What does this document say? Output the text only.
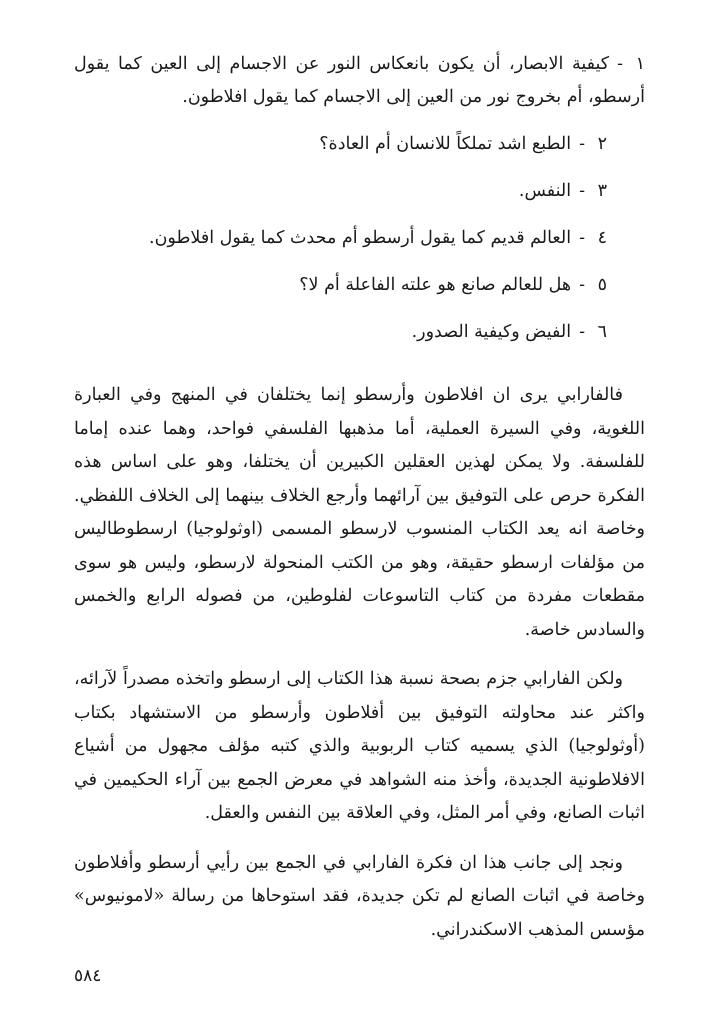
١-كيفية الابصار، أن يكون بانعكاس النور عن الاجسام إلى العين كما يقول أرسطو، أم بخروج نور من العين إلى الاجسام كما يقول افلاطون.

٢-الطبع اشد تملكاً للانسان أم العادة؟

٣-النفس.

٤-العالم قديم كما يقول أرسطو أم محدث كما يقول افلاطون.

٥-هل للعالم صانع هو علته الفاعلة أم لا؟

٦-الفيض وكيفية الصدور.

فالفارابي يرى ان افلاطون وأرسطو إنما يختلفان في المنهج وفي العبارة اللغوية، وفي السيرة العملية، أما مذهبها الفلسفي فواحد، وهما عنده إماما للفلسفة. ولا يمكن لهذين العقلين الكبيرين أن يختلفا، وهو على اساس هذه الفكرة حرص على التوفيق بين آرائهما وأرجع الخلاف بينهما إلى الخلاف اللفظي. وخاصة انه يعد الكتاب المنسوب لارسطو المسمى (اوثولوجيا) ارسطوطاليس من مؤلفات ارسطو حقيقة، وهو من الكتب المنحولة لارسطو، وليس هو سوى مقطعات مفردة من كتاب التاسوعات لفلوطين، من فصوله الرابع والخمس والسادس خاصة.

ولكن الفارابي جزم بصحة نسبة هذا الكتاب إلى ارسطو واتخذه مصدراً لآرائه، واكثر عند محاولته التوفيق بين أفلاطون وأرسطو من الاستشهاد بكتاب (أوثولوجيا) الذي يسميه كتاب الربوبية والذي كتبه مؤلف مجهول من أشياع الافلاطونية الجديدة، وأخذ منه الشواهد في معرض الجمع بين آراء الحكيمين في اثبات الصانع، وفي أمر المثل، وفي العلاقة بين النفس والعقل.

ونجد إلى جانب هذا ان فكرة الفارابي في الجمع بين رأيي أرسطو وأفلاطون وخاصة في اثبات الصانع لم تكن جديدة، فقد استوحاها من رسالة «لامونيوس» مؤسس المذهب الاسكندراني.

٥٨٤
